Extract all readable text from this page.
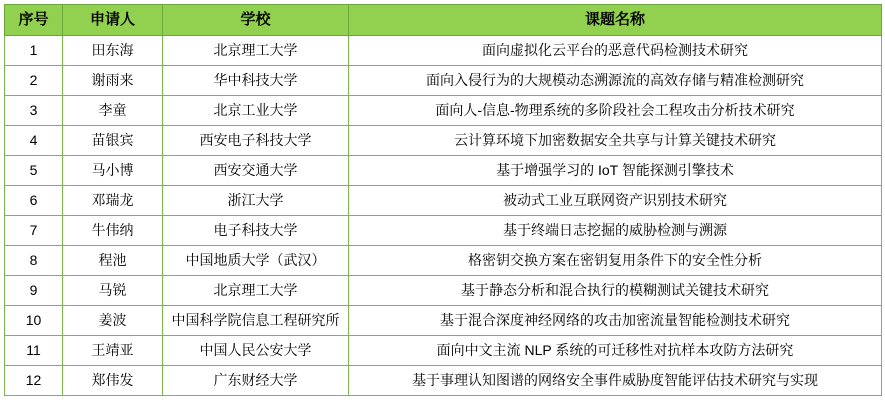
序号	申请人	学校	课题名称
1	田东海	北京理工大学	面向虚拟化云平台的恶意代码检测技术研究
2	谢雨来	华中科技大学	面向入侵行为的大规模动态溯源流的高效存储与精准检测研究
3	李童	北京工业大学	面向人-信息-物理系统的多阶段社会工程攻击分析技术研究
4	苗银宾	西安电子科技大学	云计算环境下加密数据安全共享与计算关键技术研究
5	马小博	西安交通大学	基于增强学习的 IoT 智能探测引擎技术
6	邓瑞龙	浙江大学	被动式工业互联网资产识别技术研究
7	牛伟纳	电子科技大学	基于终端日志挖掘的威胁检测与溯源
8	程池	中国地质大学（武汉）	格密钥交换方案在密钥复用条件下的安全性分析
9	马锐	北京理工大学	基于静态分析和混合执行的模糊测试关键技术研究
10	姜波	中国科学院信息工程研究所	基于混合深度神经网络的攻击加密流量智能检测技术研究
11	王靖亚	中国人民公安大学	面向中文主流 NLP 系统的可迁移性对抗样本攻防方法研究
12	郑伟发	广东财经大学	基于事理认知图谱的网络安全事件威胁度智能评估技术研究与实现
